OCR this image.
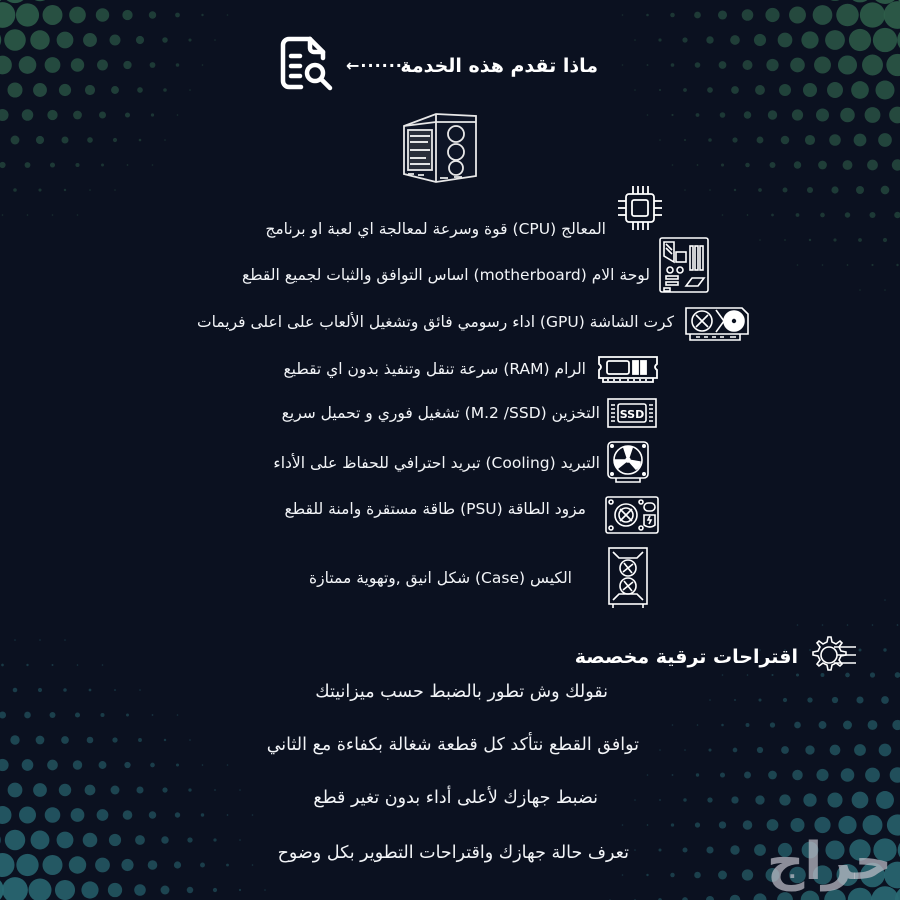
←·······
ماذا تقدم هذه الخدمة
المعالج (CPU) قوة وسرعة لمعالجة اي لعبة او برنامج
لوحة الام (motherboard) اساس التوافق والثبات لجميع القطع
كرت الشاشة (GPU) اداء رسومي فائق وتشغيل الألعاب على اعلى فريمات
الرام (RAM) سرعة تنقل وتنفيذ بدون اي تقطيع
SSD
التخزين (M.2 /SSD) تشغيل فوري و تحميل سريع
التبريد (Cooling) تبريد احترافي للحفاظ على الأداء
مزود الطاقة (PSU) طاقة مستقرة وامنة للقطع
الكيس (Case) شكل انيق ,وتهوية ممتازة
اقتراحات ترقية مخصصة
نقولك وش تطور بالضبط حسب ميزانيتك
توافق القطع نتأكد كل قطعة شغالة بكفاءة مع الثاني
نضبط جهازك لأعلى أداء بدون تغير قطع
تعرف حالة جهازك واقتراحات التطوير بكل وضوح	حراج
